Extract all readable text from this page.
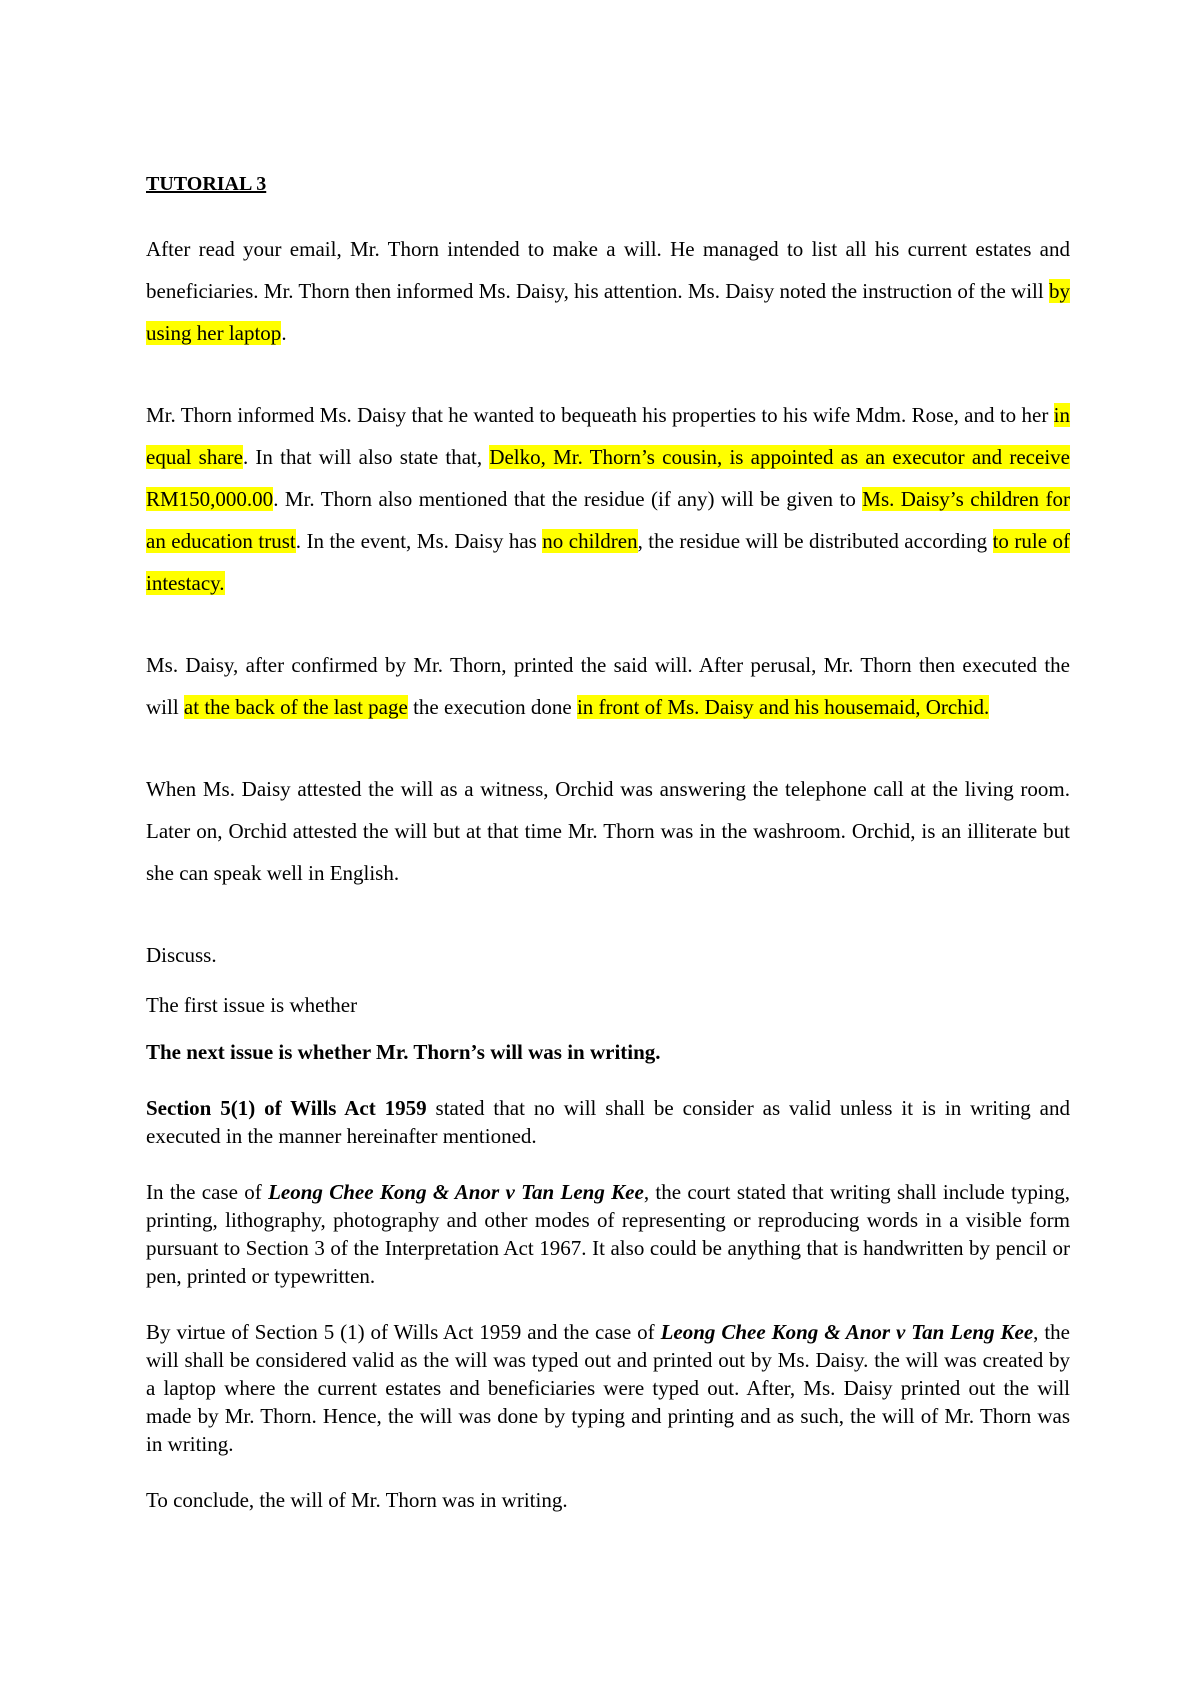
TUTORIAL 3

After read your email, Mr. Thorn intended to make a will. He managed to list all his current estates and beneficiaries. Mr. Thorn then informed Ms. Daisy, his attention. Ms. Daisy noted the instruction of the will by using her laptop.

Mr. Thorn informed Ms. Daisy that he wanted to bequeath his properties to his wife Mdm. Rose, and to her in equal share. In that will also state that, Delko, Mr. Thorn’s cousin, is appointed as an executor and receive RM150,000.00. Mr. Thorn also mentioned that the residue (if any) will be given to Ms. Daisy’s children for an education trust. In the event, Ms. Daisy has no children, the residue will be distributed according to rule of intestacy.

Ms. Daisy, after confirmed by Mr. Thorn, printed the said will. After perusal, Mr. Thorn then executed the will at the back of the last page the execution done in front of Ms. Daisy and his housemaid, Orchid.

When Ms. Daisy attested the will as a witness, Orchid was answering the telephone call at the living room. Later on, Orchid attested the will but at that time Mr. Thorn was in the washroom. Orchid, is an illiterate but she can speak well in English.

Discuss.

The first issue is whether

The next issue is whether Mr. Thorn’s will was in writing.

Section 5(1) of Wills Act 1959 stated that no will shall be consider as valid unless it is in writing and executed in the manner hereinafter mentioned.

In the case of Leong Chee Kong & Anor v Tan Leng Kee, the court stated that writing shall include typing, printing, lithography, photography and other modes of representing or reproducing words in a visible form pursuant to Section 3 of the Interpretation Act 1967. It also could be anything that is handwritten by pencil or pen, printed or typewritten.

By virtue of Section 5 (1) of Wills Act 1959 and the case of Leong Chee Kong & Anor v Tan Leng Kee, the will shall be considered valid as the will was typed out and printed out by Ms. Daisy. the will was created by a laptop where the current estates and beneficiaries were typed out. After, Ms. Daisy printed out the will made by Mr. Thorn. Hence, the will was done by typing and printing and as such, the will of Mr. Thorn was in writing.

To conclude, the will of Mr. Thorn was in writing.
